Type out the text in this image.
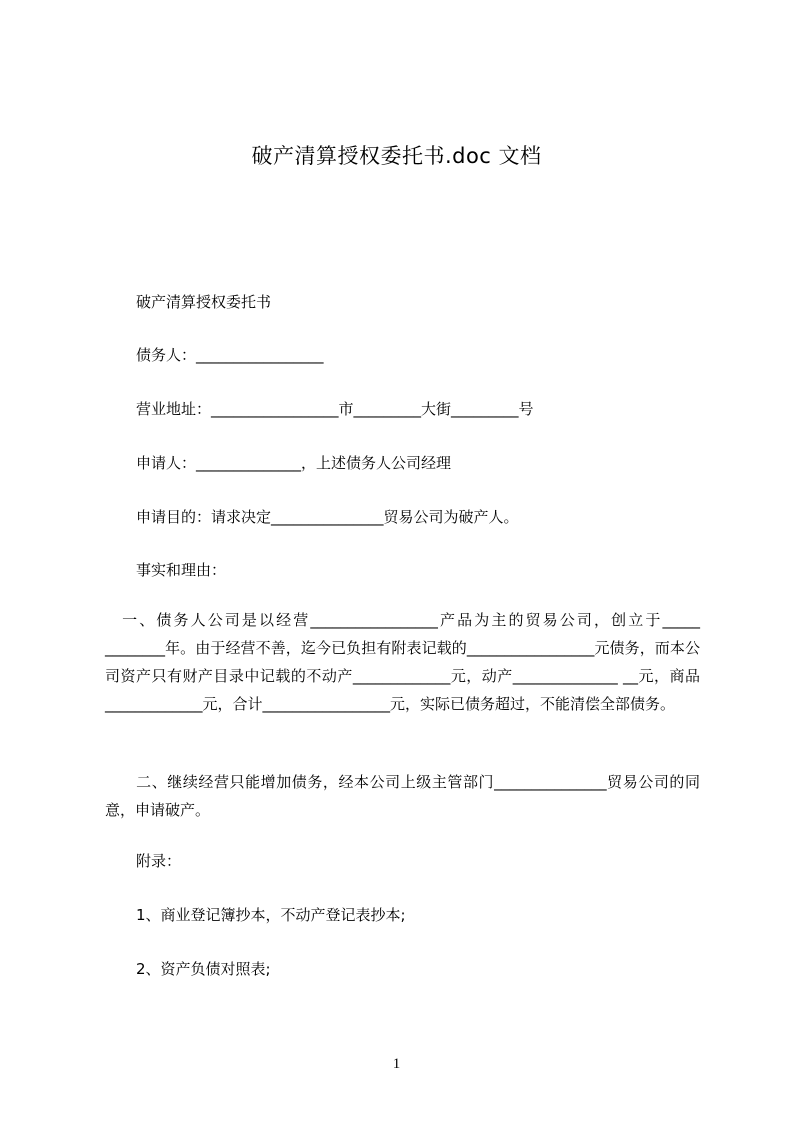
破产清算授权委托书.doc 文档
破产清算授权委托书
债务人：_________________
营业地址：_________________市_________大街_________号
申请人：______________，上述债务人公司经理
申请目的：请求决定_______________贸易公司为破产人。
事实和理由：
　一、债务人公司是以经营_________________产品为主的贸易公司，创立于_____ ________年。由于经营不善，迄今已负担有附表记载的_________________元债务，而本公司资产只有财产目录中记载的不动产_____________元，动产______________ __元，商品_____________元，合计_________________元，实际已债务超过，不能清偿全部债务。
　　二、继续经营只能增加债务，经本公司上级主管部门_______________贸易公司的同意，申请破产。
附录：
1、商业登记簿抄本，不动产登记表抄本;
2、资产负债对照表;
1
